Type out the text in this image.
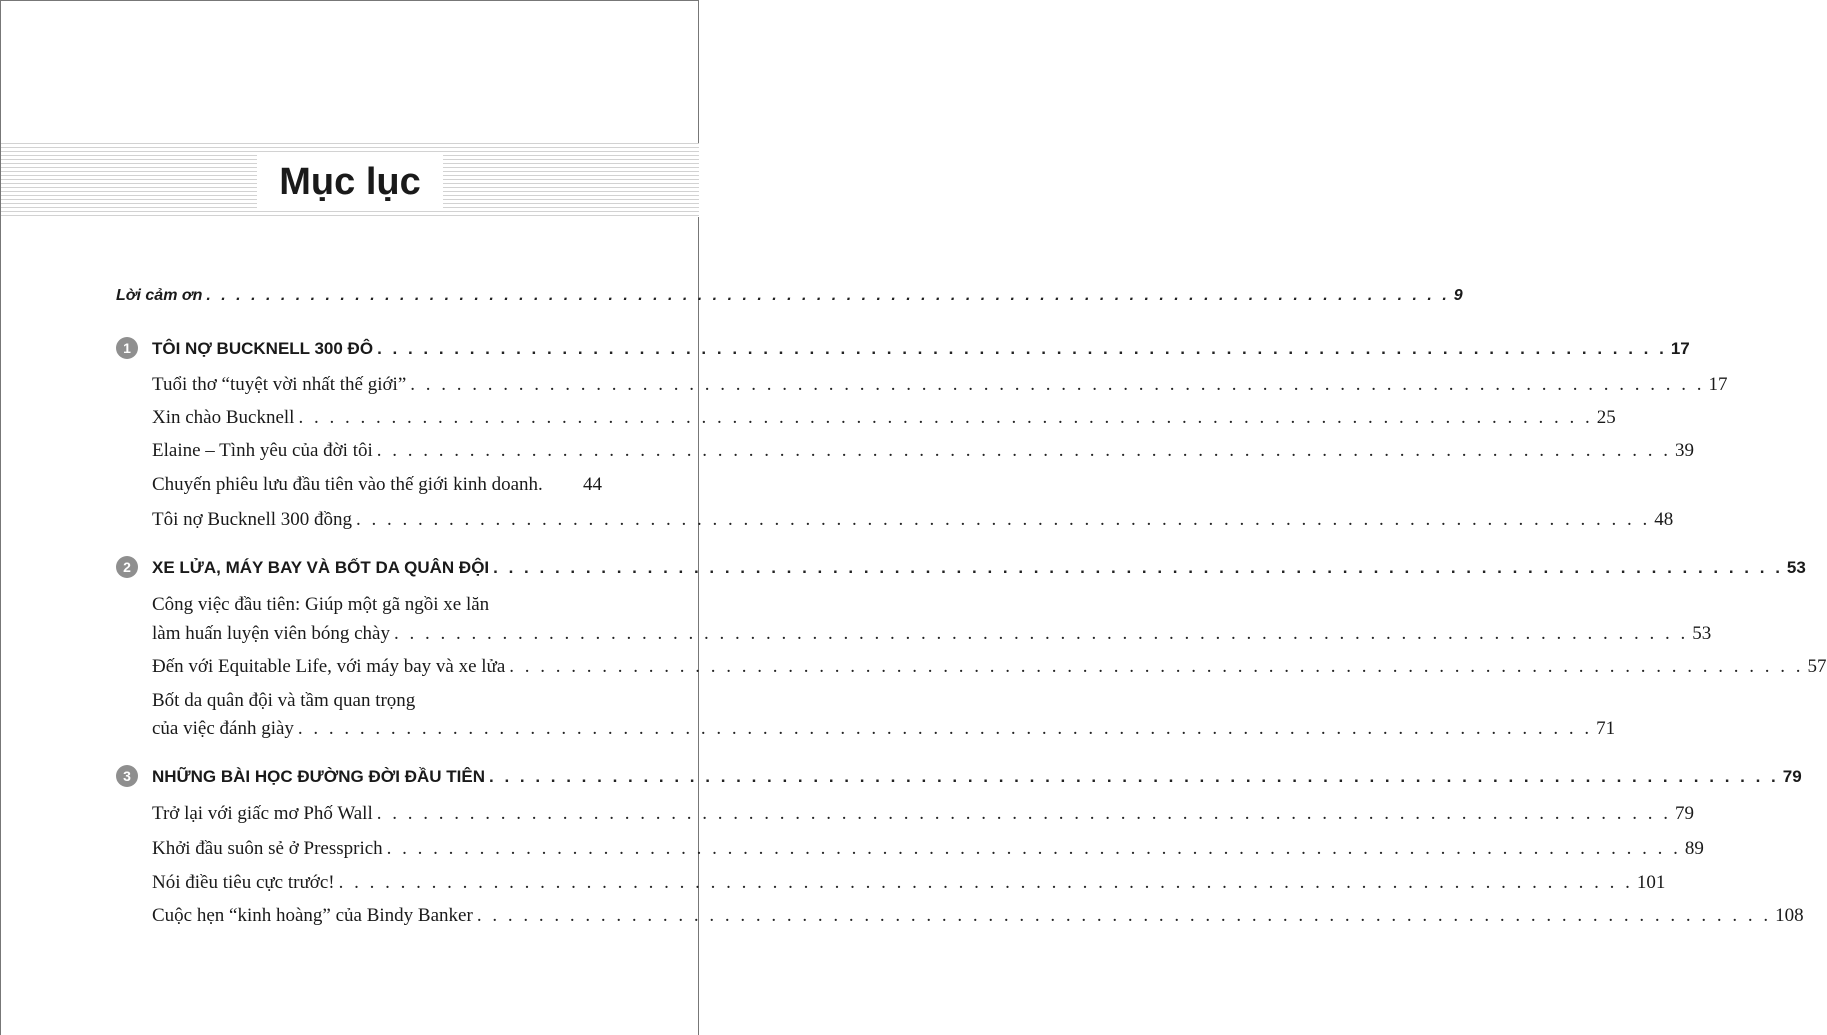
Mục lục
Lời cảm ơn . . . . . . . . . . . . . . . . . . . . . . . . . . . . . . . . . . . . . . . . . . . . . . . . . . . . . . . . . . . . . . . . . . . . . . . . . . . . . . . . . . . . 9
1	TÔI NỢ BUCKNELL 300 ĐÔ . . . . . . . . . . . . . . . . . . . . . . . . . . . . . . . . . . . . . . . . . . . . . . . . . . . . . . . . . . . . . . . . . . . . . . . . . . . . . . . . . . . . 17
Tuổi thơ “tuyệt vời nhất thế giới” . . . . . . . . . . . . . . . . . . . . . . . . . . . . . . . . . . . . . . . . . . . . . . . . . . . . . . . . . . . . . . . . . . . . . . . . . . . . . . . . . . . . 17
Xin chào Bucknell . . . . . . . . . . . . . . . . . . . . . . . . . . . . . . . . . . . . . . . . . . . . . . . . . . . . . . . . . . . . . . . . . . . . . . . . . . . . . . . . . . . . 25
Elaine – Tình yêu của đời tôi . . . . . . . . . . . . . . . . . . . . . . . . . . . . . . . . . . . . . . . . . . . . . . . . . . . . . . . . . . . . . . . . . . . . . . . . . . . . . . . . . . . . 39
Chuyến phiêu lưu đầu tiên vào thế giới kinh doanh. 44
Tôi nợ Bucknell 300 đồng . . . . . . . . . . . . . . . . . . . . . . . . . . . . . . . . . . . . . . . . . . . . . . . . . . . . . . . . . . . . . . . . . . . . . . . . . . . . . . . . . . . . 48
2	XE LỬA, MÁY BAY VÀ BỐT DA QUÂN ĐỘI . . . . . . . . . . . . . . . . . . . . . . . . . . . . . . . . . . . . . . . . . . . . . . . . . . . . . . . . . . . . . . . . . . . . . . . . . . . . . . . . . . . . 53
Công việc đầu tiên: Giúp một gã ngồi xe lăn
làm huấn luyện viên bóng chày . . . . . . . . . . . . . . . . . . . . . . . . . . . . . . . . . . . . . . . . . . . . . . . . . . . . . . . . . . . . . . . . . . . . . . . . . . . . . . . . . . . . 53
Đến với Equitable Life, với máy bay và xe lửa . . . . . . . . . . . . . . . . . . . . . . . . . . . . . . . . . . . . . . . . . . . . . . . . . . . . . . . . . . . . . . . . . . . . . . . . . . . . . . . . . . . . 57
Bốt da quân đội và tầm quan trọng
của việc đánh giày . . . . . . . . . . . . . . . . . . . . . . . . . . . . . . . . . . . . . . . . . . . . . . . . . . . . . . . . . . . . . . . . . . . . . . . . . . . . . . . . . . . . 71
3	NHỮNG BÀI HỌC ĐƯỜNG ĐỜI ĐẦU TIÊN . . . . . . . . . . . . . . . . . . . . . . . . . . . . . . . . . . . . . . . . . . . . . . . . . . . . . . . . . . . . . . . . . . . . . . . . . . . . . . . . . . . . 79
Trở lại với giấc mơ Phố Wall . . . . . . . . . . . . . . . . . . . . . . . . . . . . . . . . . . . . . . . . . . . . . . . . . . . . . . . . . . . . . . . . . . . . . . . . . . . . . . . . . . . . 79
Khởi đầu suôn sẻ ở Pressprich . . . . . . . . . . . . . . . . . . . . . . . . . . . . . . . . . . . . . . . . . . . . . . . . . . . . . . . . . . . . . . . . . . . . . . . . . . . . . . . . . . . . 89
Nói điều tiêu cực trước! . . . . . . . . . . . . . . . . . . . . . . . . . . . . . . . . . . . . . . . . . . . . . . . . . . . . . . . . . . . . . . . . . . . . . . . . . . . . . . . . . . . . 101
Cuộc hẹn “kinh hoàng” của Bindy Banker . . . . . . . . . . . . . . . . . . . . . . . . . . . . . . . . . . . . . . . . . . . . . . . . . . . . . . . . . . . . . . . . . . . . . . . . . . . . . . . . . . . . 108
